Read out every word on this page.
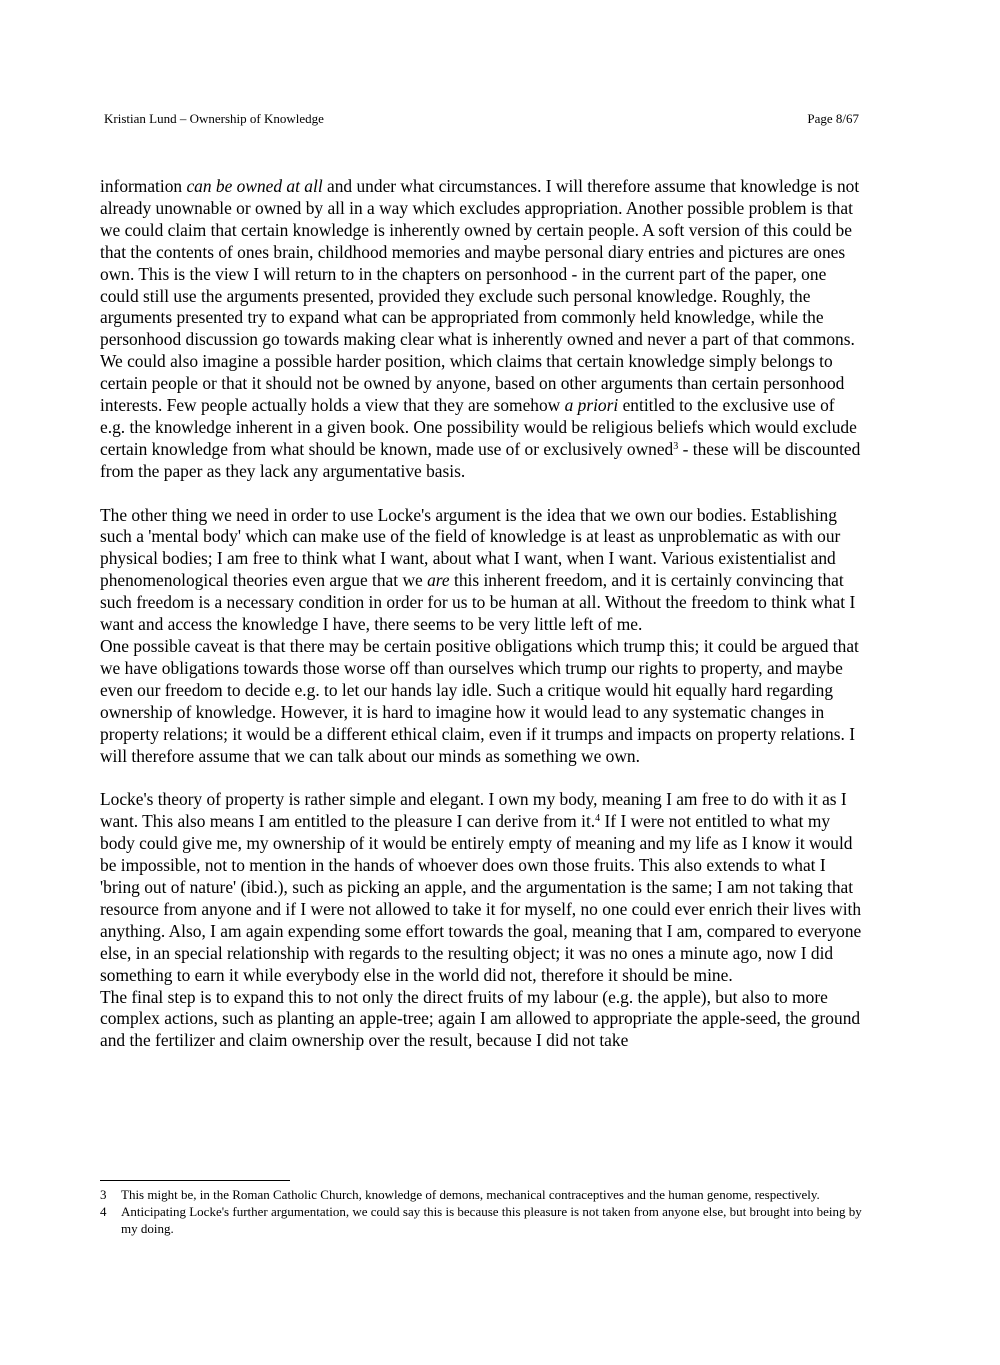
Kristian Lund – Ownership of Knowledge	Page 8/67

information can be owned at all and under what circumstances. I will therefore assume that knowledge is not already unownable or owned by all in a way which excludes appropriation. Another possible problem is that we could claim that certain knowledge is inherently owned by certain people. A soft version of this could be that the contents of ones brain, childhood memories and maybe personal diary entries and pictures are ones own. This is the view I will return to in the chapters on personhood - in the current part of the paper, one could still use the arguments presented, provided they exclude such personal knowledge. Roughly, the arguments presented try to expand what can be appropriated from commonly held knowledge, while the personhood discussion go towards making clear what is inherently owned and never a part of that commons.

We could also imagine a possible harder position, which claims that certain knowledge simply belongs to certain people or that it should not be owned by anyone, based on other arguments than certain personhood interests. Few people actually holds a view that they are somehow a priori entitled to the exclusive use of e.g. the knowledge inherent in a given book. One possibility would be religious beliefs which would exclude certain knowledge from what should be known, made use of or exclusively owned$^3$ - these will be discounted from the paper as they lack any argumentative basis.

The other thing we need in order to use Locke's argument is the idea that we own our bodies. Establishing such a 'mental body' which can make use of the field of knowledge is at least as unproblematic as with our physical bodies; I am free to think what I want, about what I want, when I want. Various existentialist and phenomenological theories even argue that we are this inherent freedom, and it is certainly convincing that such freedom is a necessary condition in order for us to be human at all. Without the freedom to think what I want and access the knowledge I have, there seems to be very little left of me.

One possible caveat is that there may be certain positive obligations which trump this; it could be argued that we have obligations towards those worse off than ourselves which trump our rights to property, and maybe even our freedom to decide e.g. to let our hands lay idle. Such a critique would hit equally hard regarding ownership of knowledge. However, it is hard to imagine how it would lead to any systematic changes in property relations; it would be a different ethical claim, even if it trumps and impacts on property relations. I will therefore assume that we can talk about our minds as something we own.

Locke's theory of property is rather simple and elegant. I own my body, meaning I am free to do with it as I want. This also means I am entitled to the pleasure I can derive from it.$^4$ If I were not entitled to what my body could give me, my ownership of it would be entirely empty of meaning and my life as I know it would be impossible, not to mention in the hands of whoever does own those fruits. This also extends to what I 'bring out of nature' (ibid.), such as picking an apple, and the argumentation is the same; I am not taking that resource from anyone and if I were not allowed to take it for myself, no one could ever enrich their lives with anything. Also, I am again expending some effort towards the goal, meaning that I am, compared to everyone else, in an special relationship with regards to the resulting object; it was no ones a minute ago, now I did something to earn it while everybody else in the world did not, therefore it should be mine.

The final step is to expand this to not only the direct fruits of my labour (e.g. the apple), but also to more complex actions, such as planting an apple-tree; again I am allowed to appropriate the apple-seed, the ground and the fertilizer and claim ownership over the result, because I did not take

3 This might be, in the Roman Catholic Church, knowledge of demons, mechanical contraceptives and the human genome, respectively.
4 Anticipating Locke's further argumentation, we could say this is because this pleasure is not taken from anyone else, but brought into being by my doing.
